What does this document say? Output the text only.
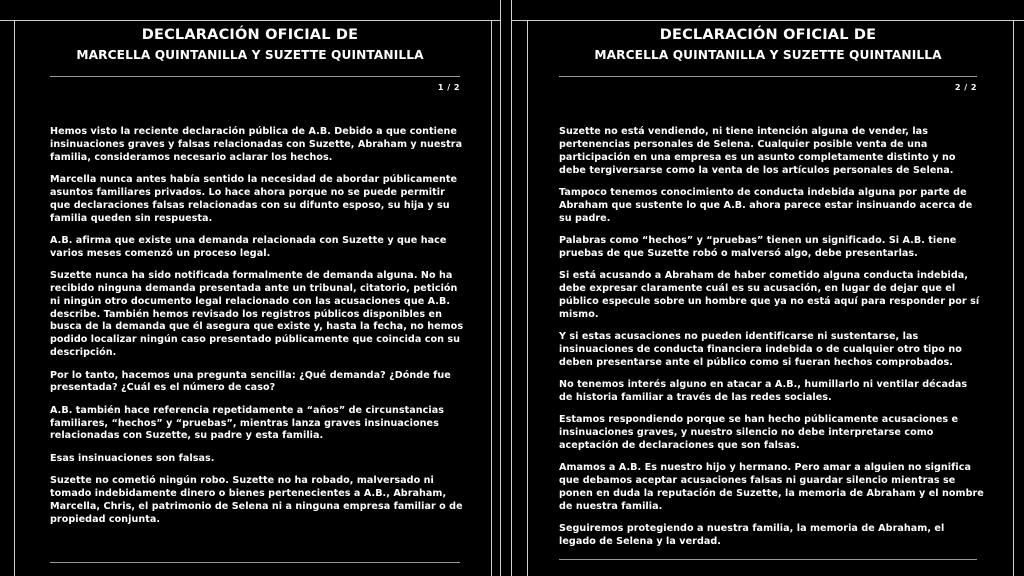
DECLARACIÓN OFICIAL DE
MARCELLA QUINTANILLA Y SUZETTE QUINTANILLA
1 / 2

Hemos visto la reciente declaración pública de A.B. Debido a que contiene insinuaciones graves y falsas relacionadas con Suzette, Abraham y nuestra familia, consideramos necesario aclarar los hechos.

Marcella nunca antes había sentido la necesidad de abordar públicamente asuntos familiares privados. Lo hace ahora porque no se puede permitir que declaraciones falsas relacionadas con su difunto esposo, su hija y su familia queden sin respuesta.

A.B. afirma que existe una demanda relacionada con Suzette y que hace varios meses comenzó un proceso legal.

Suzette nunca ha sido notificada formalmente de demanda alguna. No ha recibido ninguna demanda presentada ante un tribunal, citatorio, petición ni ningún otro documento legal relacionado con las acusaciones que A.B. describe. También hemos revisado los registros públicos disponibles en busca de la demanda que él asegura que existe y, hasta la fecha, no hemos podido localizar ningún caso presentado públicamente que coincida con su descripción.

Por lo tanto, hacemos una pregunta sencilla: ¿Qué demanda? ¿Dónde fue presentada? ¿Cuál es el número de caso?

A.B. también hace referencia repetidamente a “años” de circunstancias familiares, “hechos” y “pruebas”, mientras lanza graves insinuaciones relacionadas con Suzette, su padre y esta familia.

Esas insinuaciones son falsas.

Suzette no cometió ningún robo. Suzette no ha robado, malversado ni tomado indebidamente dinero o bienes pertenecientes a A.B., Abraham, Marcella, Chris, el patrimonio de Selena ni a ninguna empresa familiar o de propiedad conjunta.

DECLARACIÓN OFICIAL DE
MARCELLA QUINTANILLA Y SUZETTE QUINTANILLA
2 / 2

Suzette no está vendiendo, ni tiene intención alguna de vender, las pertenencias personales de Selena. Cualquier posible venta de una participación en una empresa es un asunto completamente distinto y no debe tergiversarse como la venta de los artículos personales de Selena.

Tampoco tenemos conocimiento de conducta indebida alguna por parte de Abraham que sustente lo que A.B. ahora parece estar insinuando acerca de su padre.

Palabras como “hechos” y “pruebas” tienen un significado. Si A.B. tiene pruebas de que Suzette robó o malversó algo, debe presentarlas.

Si está acusando a Abraham de haber cometido alguna conducta indebida, debe expresar claramente cuál es su acusación, en lugar de dejar que el público especule sobre un hombre que ya no está aquí para responder por sí mismo.

Y si estas acusaciones no pueden identificarse ni sustentarse, las insinuaciones de conducta financiera indebida o de cualquier otro tipo no deben presentarse ante el público como si fueran hechos comprobados.

No tenemos interés alguno en atacar a A.B., humillarlo ni ventilar décadas de historia familiar a través de las redes sociales.

Estamos respondiendo porque se han hecho públicamente acusaciones e insinuaciones graves, y nuestro silencio no debe interpretarse como aceptación de declaraciones que son falsas.

Amamos a A.B. Es nuestro hijo y hermano. Pero amar a alguien no significa que debamos aceptar acusaciones falsas ni guardar silencio mientras se ponen en duda la reputación de Suzette, la memoria de Abraham y el nombre de nuestra familia.

Seguiremos protegiendo a nuestra familia, la memoria de Abraham, el legado de Selena y la verdad.
